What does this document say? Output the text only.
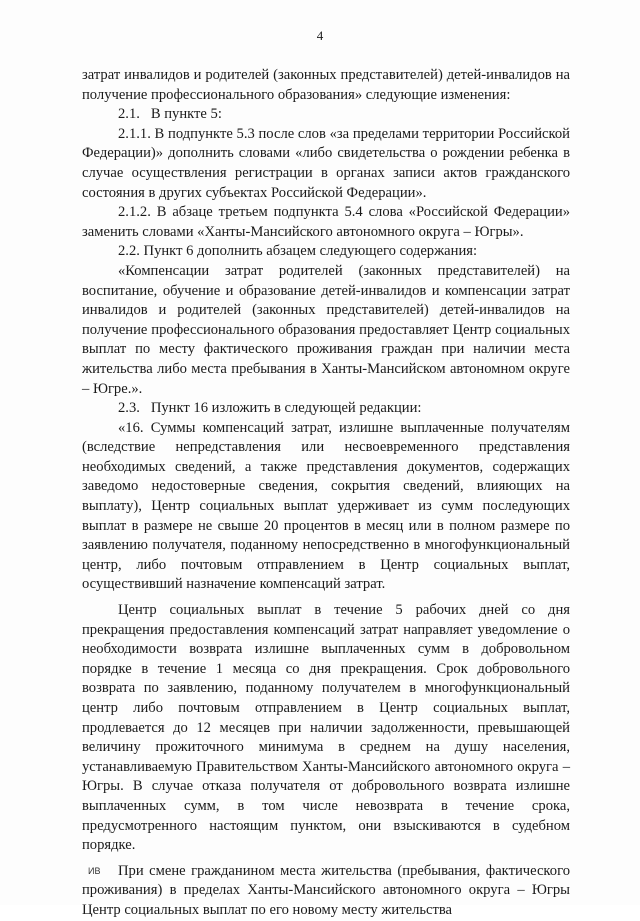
4

затрат инвалидов и родителей (законных представителей) детей-инвалидов на получение профессионального образования» следующие изменения:

2.1.   В пункте 5:

2.1.1. В подпункте 5.3 после слов «за пределами территории Российской Федерации)» дополнить словами «либо свидетельства о рождении ребенка в случае осуществления регистрации в органах записи актов гражданского состояния в других субъектах Российской Федерации».

2.1.2. В абзаце третьем подпункта 5.4 слова «Российской Федерации» заменить словами «Ханты-Мансийского автономного округа – Югры».

2.2. Пункт 6 дополнить абзацем следующего содержания:

«Компенсации затрат родителей (законных представителей) на воспитание, обучение и образование детей-инвалидов и компенсации затрат инвалидов и родителей (законных представителей) детей-инвалидов на получение профессионального образования предоставляет Центр социальных выплат по месту фактического проживания граждан при наличии места жительства либо места пребывания в Ханты-Мансийском автономном округе – Югре.».

2.3.   Пункт 16 изложить в следующей редакции:

«16. Суммы компенсаций затрат, излишне выплаченные получателям (вследствие непредставления или несвоевременного представления необходимых сведений, а также представления документов, содержащих заведомо недостоверные сведения, сокрытия сведений, влияющих на выплату), Центр социальных выплат удерживает из сумм последующих выплат в размере не свыше 20 процентов в месяц или в полном размере по заявлению получателя, поданному непосредственно в многофункциональный центр, либо почтовым отправлением в Центр социальных выплат, осуществивший назначение компенсаций затрат.

Центр социальных выплат в течение 5 рабочих дней со дня прекращения предоставления компенсаций затрат направляет уведомление о необходимости возврата излишне выплаченных сумм в добровольном порядке в течение 1 месяца со дня прекращения. Срок добровольного возврата по заявлению, поданному получателем в многофункциональный центр либо почтовым отправлением в Центр социальных выплат, продлевается до 12 месяцев при наличии задолженности, превышающей величину прожиточного минимума в среднем на душу населения, устанавливаемую Правительством Ханты-Мансийского автономного округа – Югры. В случае отказа получателя от добровольного возврата излишне выплаченных сумм, в том числе невозврата в течение срока, предусмотренного настоящим пунктом, они взыскиваются в судебном порядке.

При смене гражданином места жительства (пребывания, фактического проживания) в пределах Ханты-Мансийского автономного округа – Югры Центр социальных выплат по его новому месту жительства

ИВ
